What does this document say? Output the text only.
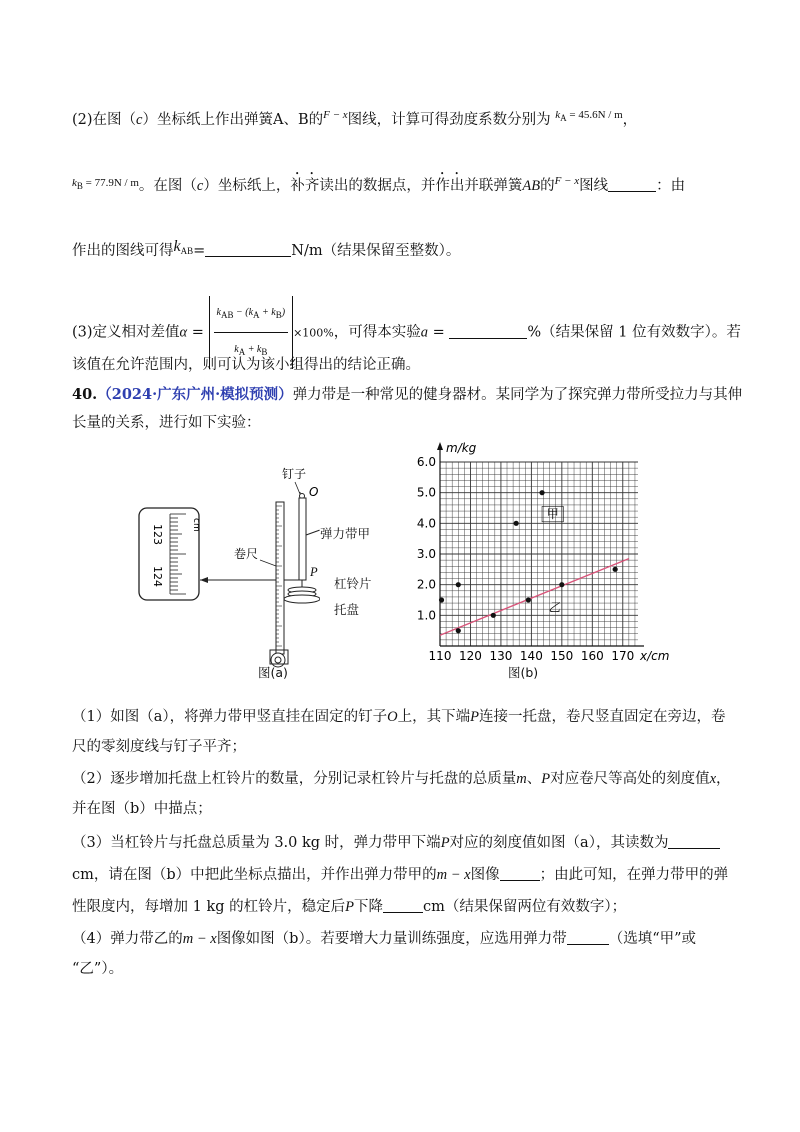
(2)在图（c）坐标纸上作出弹簧A、B的$^{F - x}$图线，计算可得劲度系数分别为 $^{k_A = 45.6N / m}$，
$^{k_B = 77.9N / m}$。在图（c）坐标纸上，补齐读出的数据点，并作出并联弹簧AB的$^{F - x}$图线	：由
作出的图线可得$k_{AB}=$	N/m（结果保留至整数）。
(3)定义相对差值$\alpha = \frac{\text{kAB − (kA + kB)}}{kA + kB} \times 100\%$，可得本实验a =	%（结果保留 1 位有效数字）。若
该值在允许范围内，则可认为该小组得出的结论正确。
40.（2024·广东广州·模拟预测）弹力带是一种常见的健身器材。某同学为了探究弹力带所受拉力与其伸
长量的关系，进行如下实验：
cm
123
124
钉子
O
卷尺
弹力带甲
P
杠铃片
托盘
图(a)
110 120 130 140 150 160 170
1.0
2.0
3.0
4.0
5.0
6.0
x/cm
m/kg
甲
乙
图(b)
（1）如图（a），将弹力带甲竖直挂在固定的钉子O上，其下端P连接一托盘，卷尺竖直固定在旁边，卷
尺的零刻度线与钉子平齐；
（2）逐步增加托盘上杠铃片的数量，分别记录杠铃片与托盘的总质量m、P对应卷尺等高处的刻度值x，
并在图（b）中描点；
（3）当杠铃片与托盘总质量为 3.0 kg 时，弹力带甲下端P对应的刻度值如图（a），其读数为
cm，请在图（b）中把此坐标点描出，并作出弹力带甲的m − x图像	；由此可知，在弹力带甲的弹
性限度内，每增加 1 kg 的杠铃片，稳定后P下降	cm（结果保留两位有效数字）；
（4）弹力带乙的m − x图像如图（b）。若要增大力量训练强度，应选用弹力带	（选填“甲”或
“乙”）。
